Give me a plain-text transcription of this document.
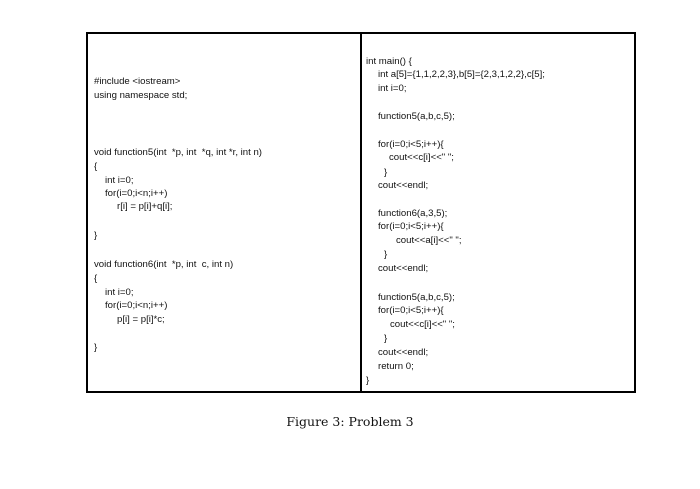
#include <iostream>
using namespace std;
void function5(int  *p, int  *q, int *r, int n)
{
int i=0;
for(i=0;i<n;i++)
r[i] = p[i]+q[i];
}
void function6(int  *p, int  c, int n)
{
int i=0;
for(i=0;i<n;i++)
p[i] = p[i]*c;
}
int main() {
int a[5]={1,1,2,2,3},b[5]={2,3,1,2,2},c[5];
int i=0;
function5(a,b,c,5);
for(i=0;i<5;i++){
cout<<c[i]<<" ";
}
cout<<endl;
function6(a,3,5);
for(i=0;i<5;i++){
cout<<a[i]<<" ";
}
cout<<endl;
function5(a,b,c,5);
for(i=0;i<5;i++){
cout<<c[i]<<" ";
}
cout<<endl;
return 0;
}
Figure 3: Problem 3
